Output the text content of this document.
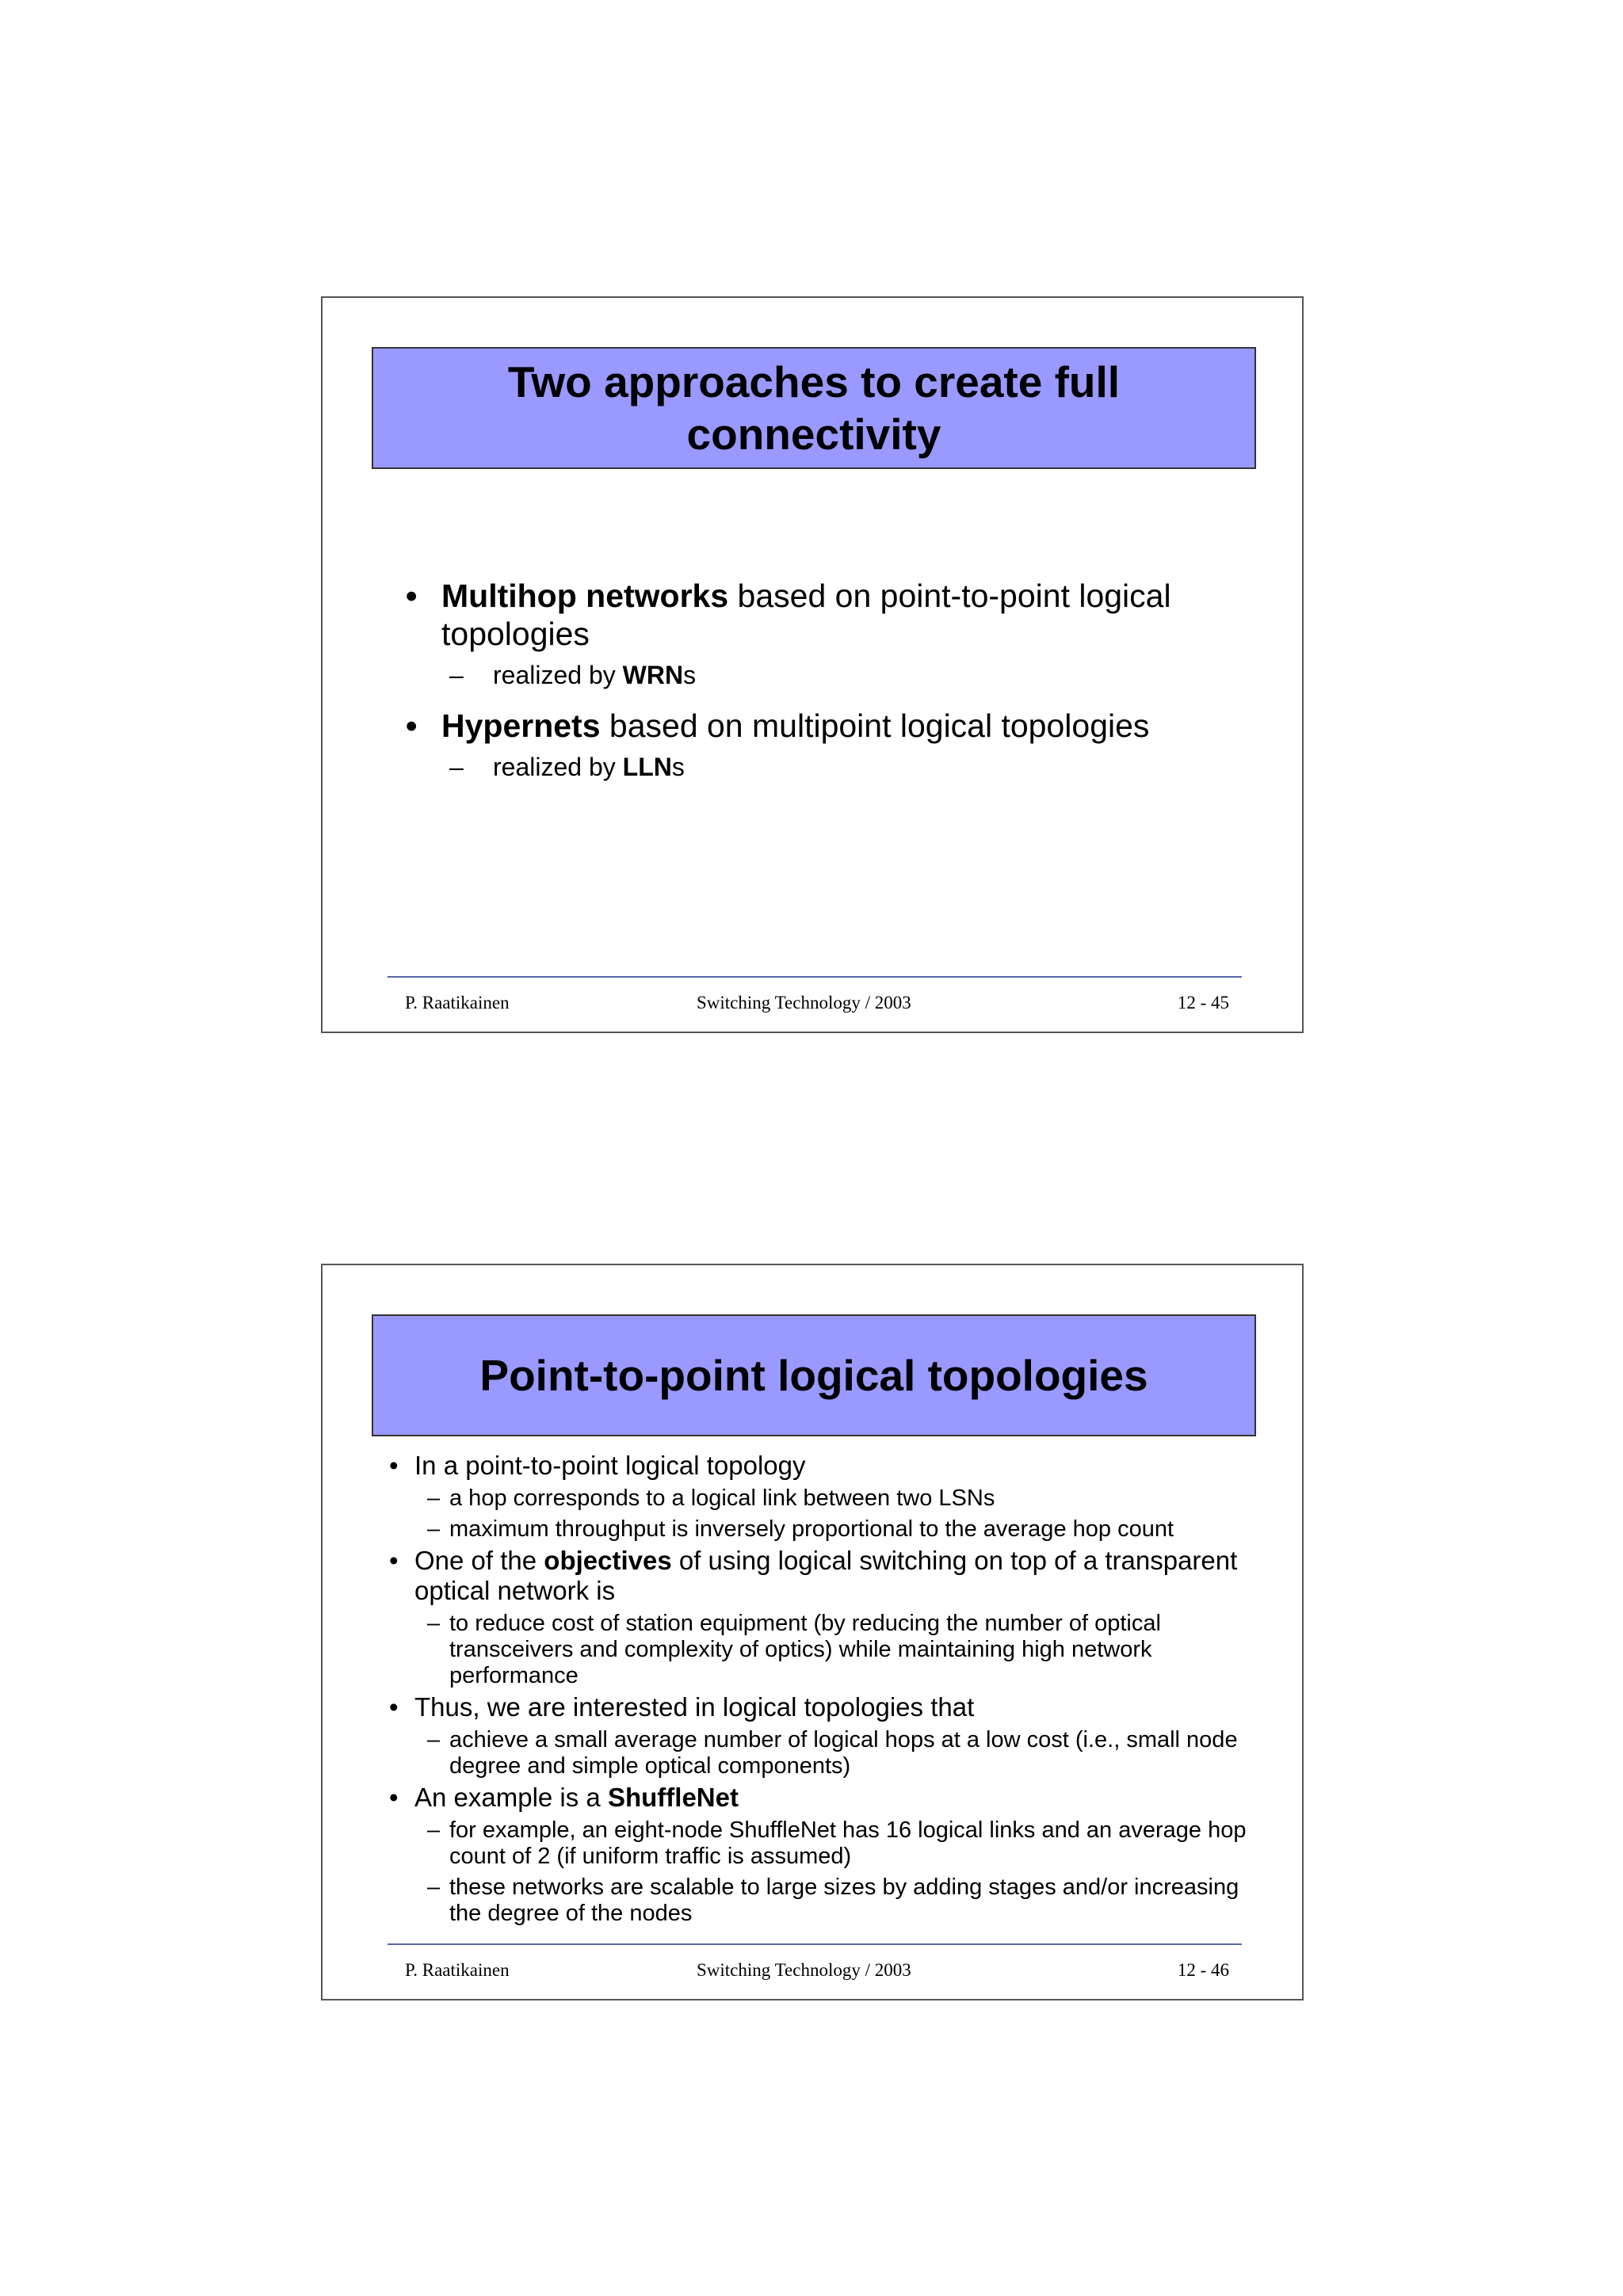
Two approaches to create full
connectivity
• Multihop networks based on point-to-point logical topologies
– realized by WRNs
• Hypernets based on multipoint logical topologies
– realized by LLNs
P. Raatikainen	Switching Technology / 2003	12 - 45
Point-to-point logical topologies
• In a point-to-point logical topology
– a hop corresponds to a logical link between two LSNs
– maximum throughput is inversely proportional to the average hop count
• One of the objectives of using logical switching on top of a transparent optical network is
– to reduce cost of station equipment (by reducing the number of optical transceivers and complexity of optics) while maintaining high network performance
• Thus, we are interested in logical topologies that
– achieve a small average number of logical hops at a low cost (i.e., small node degree and simple optical components)
• An example is a ShuffleNet
– for example, an eight-node ShuffleNet has 16 logical links and an average hop count of 2 (if uniform traffic is assumed)
– these networks are scalable to large sizes by adding stages and/or increasing the degree of the nodes
P. Raatikainen	Switching Technology / 2003	12 - 46
